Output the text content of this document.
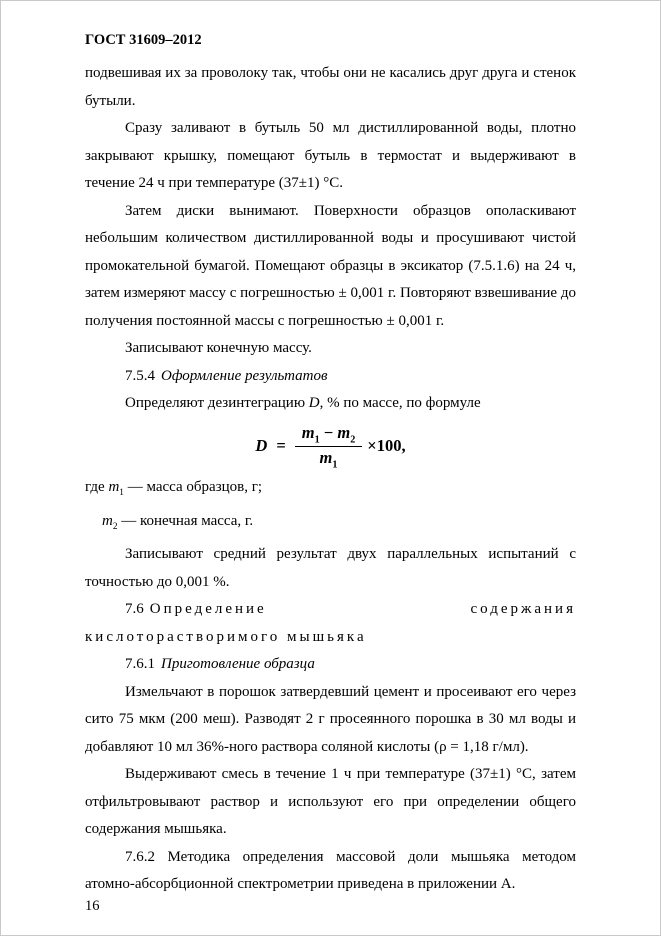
ГОСТ 31609–2012

подвешивая их за проволоку так, чтобы они не касались друг друга и стенок бутыли.

Сразу заливают в бутыль 50 мл дистиллированной воды, плотно закрывают крышку, помещают бутыль в термостат и выдерживают в течение 24 ч при температуре (37±1) °С.

Затем диски вынимают. Поверхности образцов ополаскивают небольшим количеством дистиллированной воды и просушивают чистой промокательной бумагой. Помещают образцы в эксикатор (7.5.1.6) на 24 ч, затем измеряют массу с погрешностью ± 0,001 г. Повторяют взвешивание до получения постоянной массы с погрешностью ± 0,001 г.

Записывают конечную массу.

7.5.4 Оформление результатов

Определяют дезинтеграцию D, % по массе, по формуле

$D = \frac{m_1 - m_2}{m_1} \times 100$,

где $m_1$ — масса образцов, г;

$m_2$ — конечная масса, г.

Записывают средний результат двух параллельных испытаний с точностью до 0,001 %.

7.6 Определение содержания кислоторастворимого мышьяка

7.6.1 Приготовление образца

Измельчают в порошок затвердевший цемент и просеивают его через сито 75 мкм (200 меш). Разводят 2 г просеянного порошка в 30 мл воды и добавляют 10 мл 36%-ного раствора соляной кислоты (ρ = 1,18 г/мл).

Выдерживают смесь в течение 1 ч при температуре (37±1) °С, затем отфильтровывают раствор и используют его при определении общего содержания мышьяка.

7.6.2 Методика определения массовой доли мышьяка методом атомно-абсорбционной спектрометрии приведена в приложении А.

16
